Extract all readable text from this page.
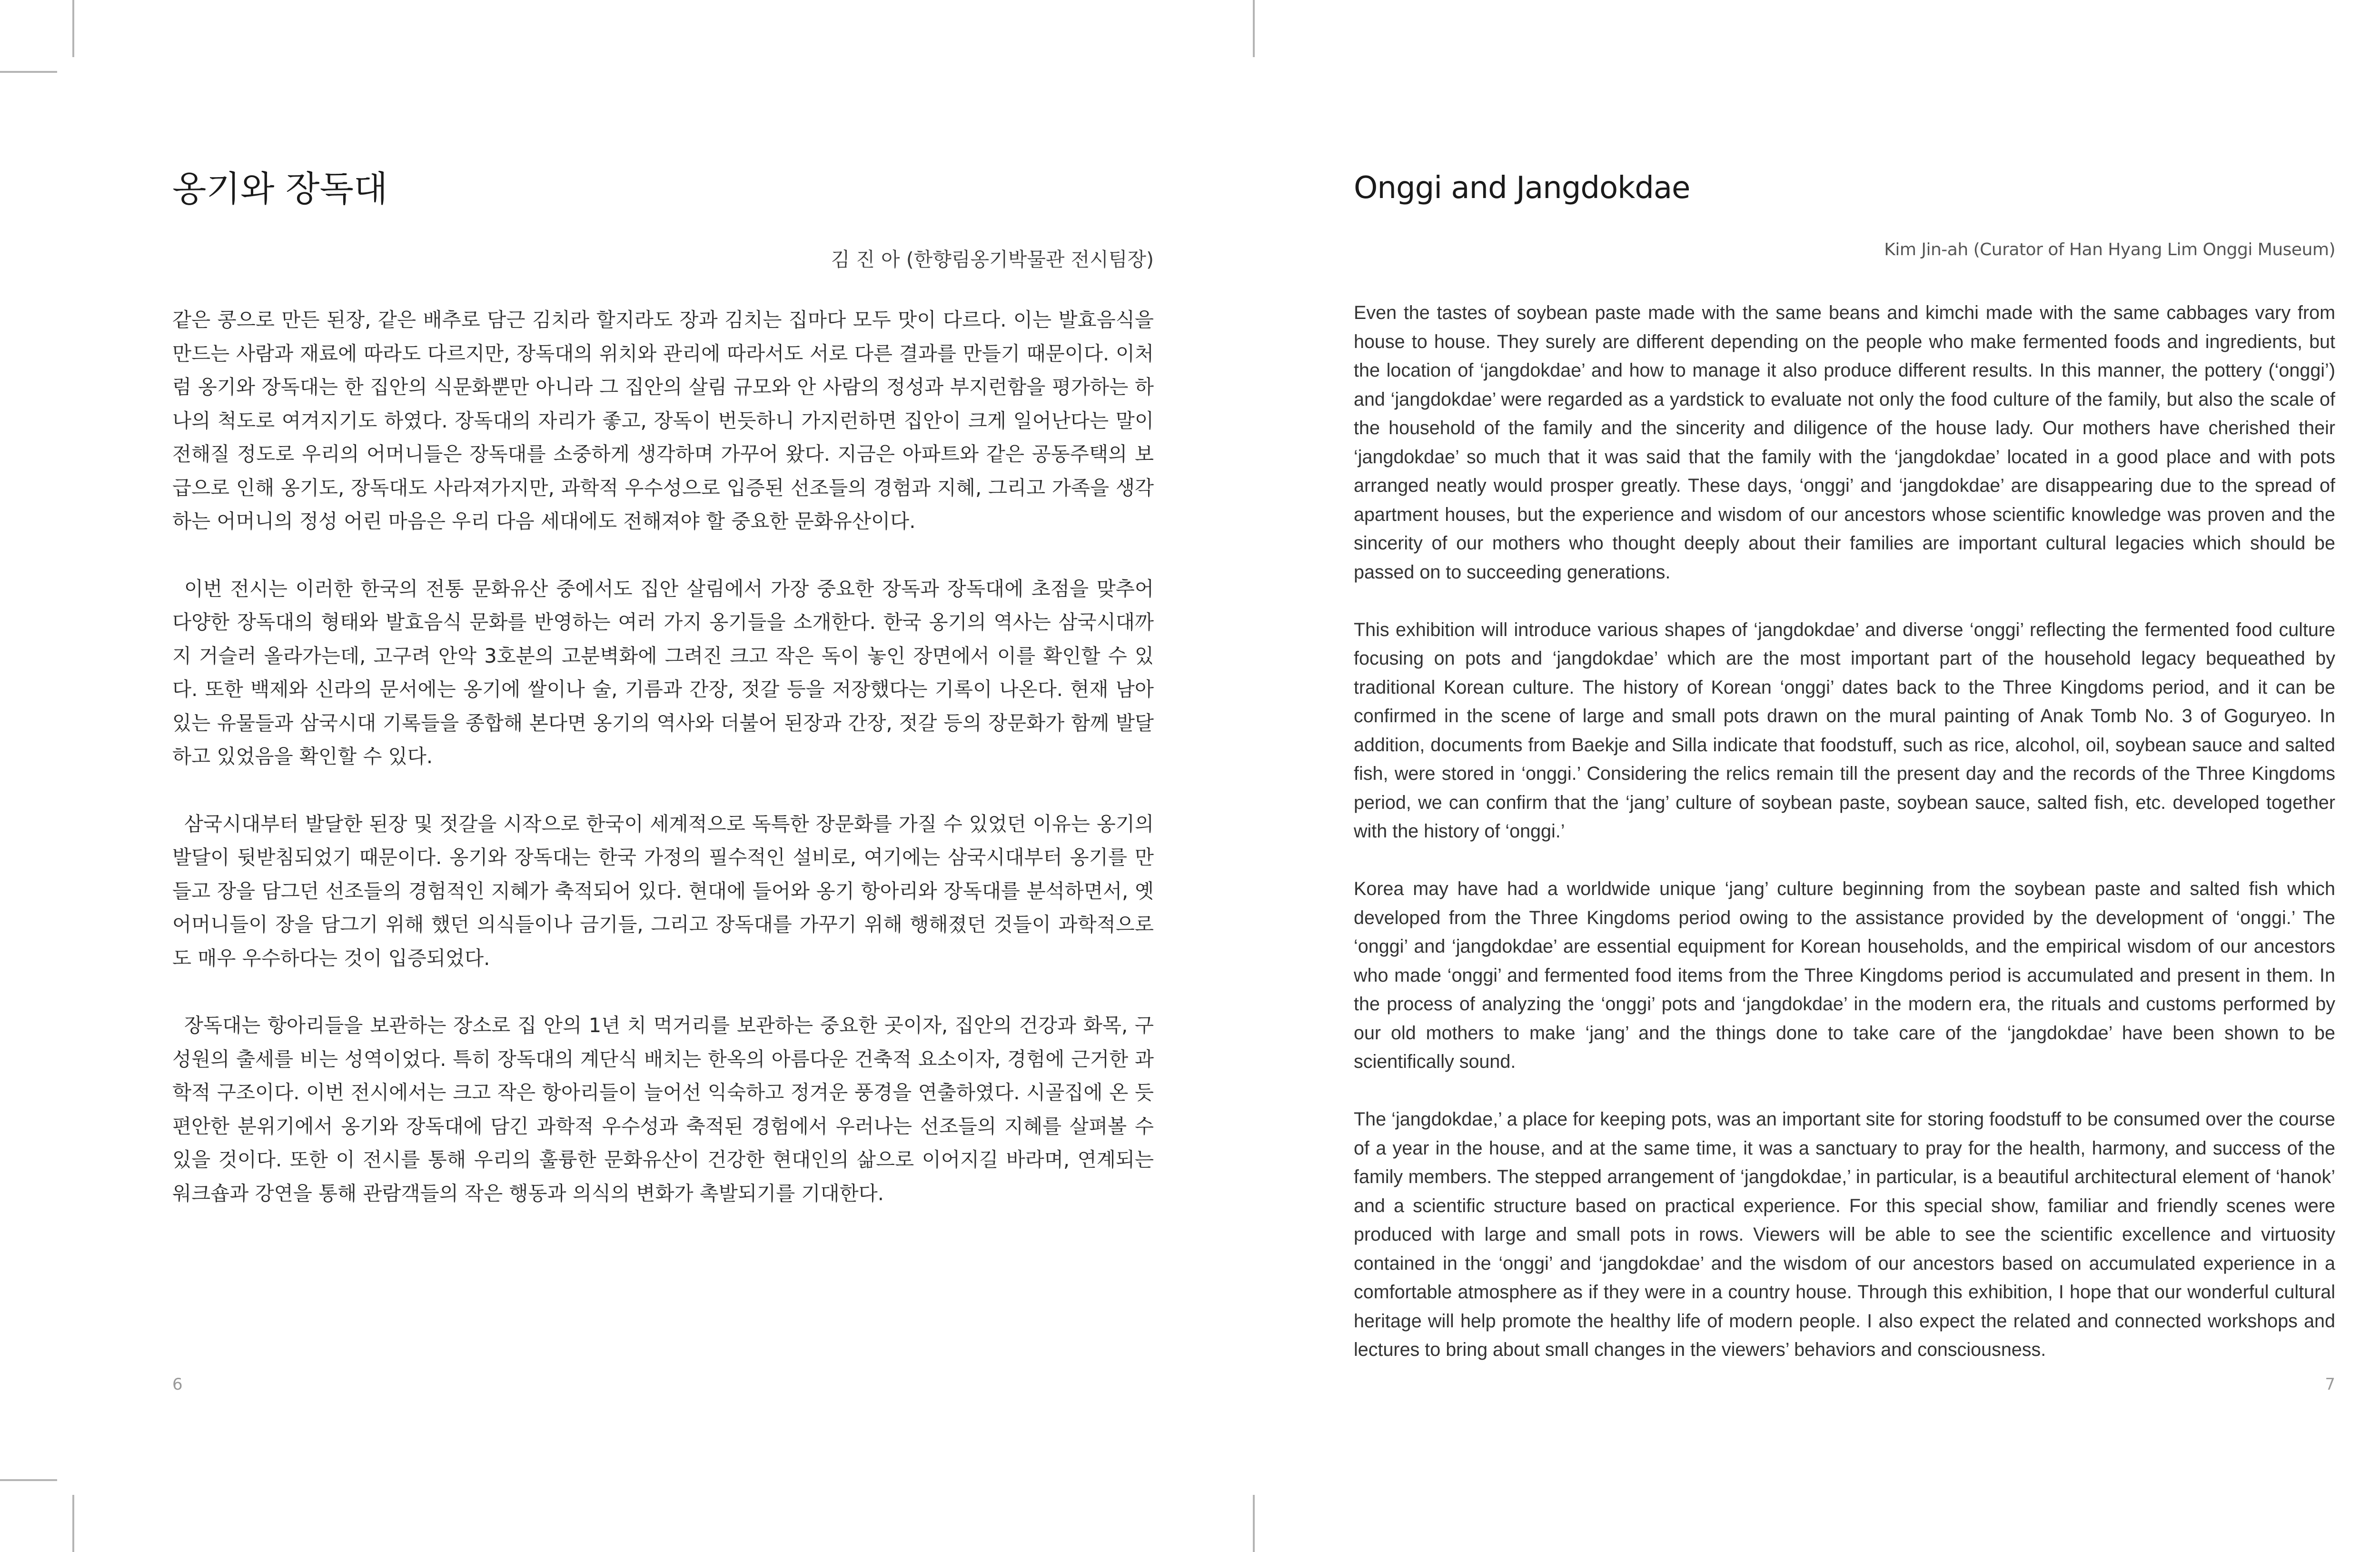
옹기와 장독대

김 진 아 (한향림옹기박물관 전시팀장)

같은 콩으로 만든 된장, 같은 배추로 담근 김치라 할지라도 장과 김치는 집마다 모두 맛이 다르다. 이는 발효음식을 만드는 사람과 재료에 따라도 다르지만, 장독대의 위치와 관리에 따라서도 서로 다른 결과를 만들기 때문이다. 이처럼 옹기와 장독대는 한 집안의 식문화뿐만 아니라 그 집안의 살림 규모와 안 사람의 정성과 부지런함을 평가하는 하나의 척도로 여겨지기도 하였다. 장독대의 자리가 좋고, 장독이 번듯하니 가지런하면 집안이 크게 일어난다는 말이 전해질 정도로 우리의 어머니들은 장독대를 소중하게 생각하며 가꾸어 왔다. 지금은 아파트와 같은 공동주택의 보급으로 인해 옹기도, 장독대도 사라져가지만, 과학적 우수성으로 입증된 선조들의 경험과 지혜, 그리고 가족을 생각하는 어머니의 정성 어린 마음은 우리 다음 세대에도 전해져야 할 중요한 문화유산이다.

이번 전시는 이러한 한국의 전통 문화유산 중에서도 집안 살림에서 가장 중요한 장독과 장독대에 초점을 맞추어 다양한 장독대의 형태와 발효음식 문화를 반영하는 여러 가지 옹기들을 소개한다. 한국 옹기의 역사는 삼국시대까지 거슬러 올라가는데, 고구려 안악 3호분의 고분벽화에 그려진 크고 작은 독이 놓인 장면에서 이를 확인할 수 있다. 또한 백제와 신라의 문서에는 옹기에 쌀이나 술, 기름과 간장, 젓갈 등을 저장했다는 기록이 나온다. 현재 남아있는 유물들과 삼국시대 기록들을 종합해 본다면 옹기의 역사와 더불어 된장과 간장, 젓갈 등의 장문화가 함께 발달하고 있었음을 확인할 수 있다.

삼국시대부터 발달한 된장 및 젓갈을 시작으로 한국이 세계적으로 독특한 장문화를 가질 수 있었던 이유는 옹기의 발달이 뒷받침되었기 때문이다. 옹기와 장독대는 한국 가정의 필수적인 설비로, 여기에는 삼국시대부터 옹기를 만들고 장을 담그던 선조들의 경험적인 지혜가 축적되어 있다. 현대에 들어와 옹기 항아리와 장독대를 분석하면서, 옛 어머니들이 장을 담그기 위해 했던 의식들이나 금기들, 그리고 장독대를 가꾸기 위해 행해졌던 것들이 과학적으로도 매우 우수하다는 것이 입증되었다.

장독대는 항아리들을 보관하는 장소로 집 안의 1년 치 먹거리를 보관하는 중요한 곳이자, 집안의 건강과 화목, 구성원의 출세를 비는 성역이었다. 특히 장독대의 계단식 배치는 한옥의 아름다운 건축적 요소이자, 경험에 근거한 과학적 구조이다. 이번 전시에서는 크고 작은 항아리들이 늘어선 익숙하고 정겨운 풍경을 연출하였다. 시골집에 온 듯 편안한 분위기에서 옹기와 장독대에 담긴 과학적 우수성과 축적된 경험에서 우러나는 선조들의 지혜를 살펴볼 수 있을 것이다. 또한 이 전시를 통해 우리의 훌륭한 문화유산이 건강한 현대인의 삶으로 이어지길 바라며, 연계되는 워크숍과 강연을 통해 관람객들의 작은 행동과 의식의 변화가 촉발되기를 기대한다.

6

Onggi and Jangdokdae

Kim Jin-ah (Curator of Han Hyang Lim Onggi Museum)

Even the tastes of soybean paste made with the same beans and kimchi made with the same cabbages vary from house to house. They surely are different depending on the people who make fermented foods and ingredients, but the location of ‘jangdokdae’ and how to manage it also produce different results. In this manner, the pottery (‘onggi’) and ‘jangdokdae’ were regarded as a yardstick to evaluate not only the food culture of the family, but also the scale of the household of the family and the sincerity and diligence of the house lady. Our mothers have cherished their ‘jangdokdae’ so much that it was said that the family with the ‘jangdokdae’ located in a good place and with pots arranged neatly would prosper greatly. These days, ‘onggi’ and ‘jangdokdae’ are disappearing due to the spread of apartment houses, but the experience and wisdom of our ancestors whose scientific knowledge was proven and the sincerity of our mothers who thought deeply about their families are important cultural legacies which should be passed on to succeeding generations.

This exhibition will introduce various shapes of ‘jangdokdae’ and diverse ‘onggi’ reflecting the fermented food culture focusing on pots and ‘jangdokdae’ which are the most important part of the household legacy bequeathed by traditional Korean culture. The history of Korean ‘onggi’ dates back to the Three Kingdoms period, and it can be confirmed in the scene of large and small pots drawn on the mural painting of Anak Tomb No. 3 of Goguryeo. In addition, documents from Baekje and Silla indicate that foodstuff, such as rice, alcohol, oil, soybean sauce and salted fish, were stored in ‘onggi.’ Considering the relics remain till the present day and the records of the Three Kingdoms period, we can confirm that the ‘jang’ culture of soybean paste, soybean sauce, salted fish, etc. developed together with the history of ‘onggi.’

Korea may have had a worldwide unique ‘jang’ culture beginning from the soybean paste and salted fish which developed from the Three Kingdoms period owing to the assistance provided by the development of ‘onggi.’ The ‘onggi’ and ‘jangdokdae’ are essential equipment for Korean households, and the empirical wisdom of our ancestors who made ‘onggi’ and fermented food items from the Three Kingdoms period is accumulated and present in them. In the process of analyzing the ‘onggi’ pots and ‘jangdokdae’ in the modern era, the rituals and customs performed by our old mothers to make ‘jang’ and the things done to take care of the ‘jangdokdae’ have been shown to be scientifically sound.

The ‘jangdokdae,’ a place for keeping pots, was an important site for storing foodstuff to be consumed over the course of a year in the house, and at the same time, it was a sanctuary to pray for the health, harmony, and success of the family members. The stepped arrangement of ‘jangdokdae,’ in particular, is a beautiful architectural element of ‘hanok’ and a scientific structure based on practical experience. For this special show, familiar and friendly scenes were produced with large and small pots in rows. Viewers will be able to see the scientific excellence and virtuosity contained in the ‘onggi’ and ‘jangdokdae’ and the wisdom of our ancestors based on accumulated experience in a comfortable atmosphere as if they were in a country house. Through this exhibition, I hope that our wonderful cultural heritage will help promote the healthy life of modern people. I also expect the related and connected workshops and lectures to bring about small changes in the viewers’ behaviors and consciousness.

7
